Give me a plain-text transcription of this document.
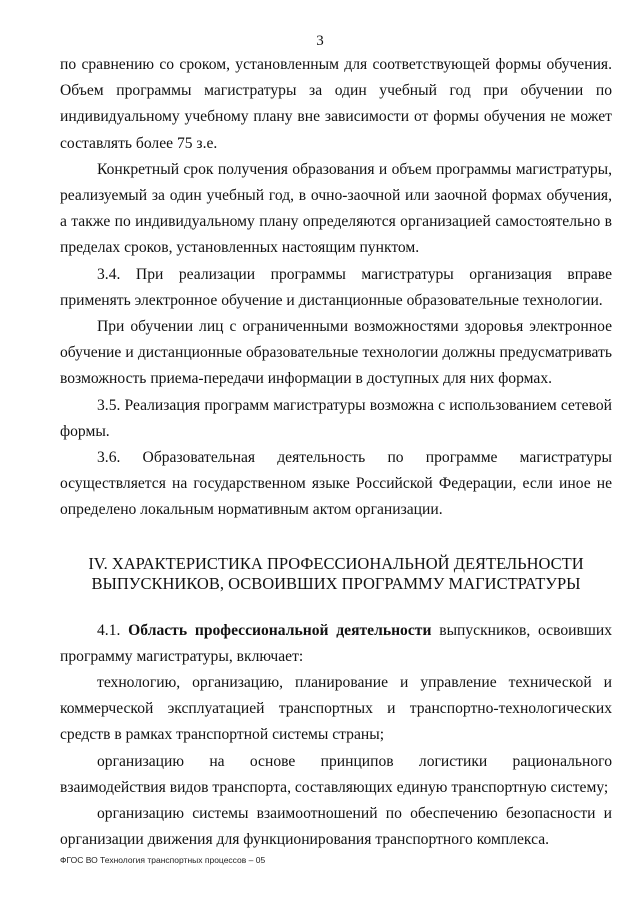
3

по сравнению со сроком, установленным для соответствующей формы обучения. Объем программы магистратуры за один учебный год при обучении по индивидуальному учебному плану вне зависимости от формы обучения не может составлять более 75 з.е.

Конкретный срок получения образования и объем программы магистратуры, реализуемый за один учебный год, в очно-заочной или заочной формах обучения, а также по индивидуальному плану определяются организацией самостоятельно в пределах сроков, установленных настоящим пунктом.

3.4. При реализации программы магистратуры организация вправе применять электронное обучение и дистанционные образовательные технологии.

При обучении лиц с ограниченными возможностями здоровья электронное обучение и дистанционные образовательные технологии должны предусматривать возможность приема-передачи информации в доступных для них формах.

3.5. Реализация программ магистратуры возможна с использованием сетевой формы.

3.6. Образовательная деятельность по программе магистратуры осуществляется на государственном языке Российской Федерации, если иное не определено локальным нормативным актом организации.

IV. ХАРАКТЕРИСТИКА ПРОФЕССИОНАЛЬНОЙ ДЕЯТЕЛЬНОСТИ
ВЫПУСКНИКОВ, ОСВОИВШИХ ПРОГРАММУ МАГИСТРАТУРЫ

4.1. Область профессиональной деятельности выпускников, освоивших программу магистратуры, включает:

технологию, организацию, планирование и управление технической и коммерческой эксплуатацией транспортных и транспортно-технологических средств в рамках транспортной системы страны;

организацию на основе принципов логистики рационального взаимодействия видов транспорта, составляющих единую транспортную систему;

организацию системы взаимоотношений по обеспечению безопасности и организации движения для функционирования транспортного комплекса.

ФГОС ВО Технология транспортных процессов – 05
